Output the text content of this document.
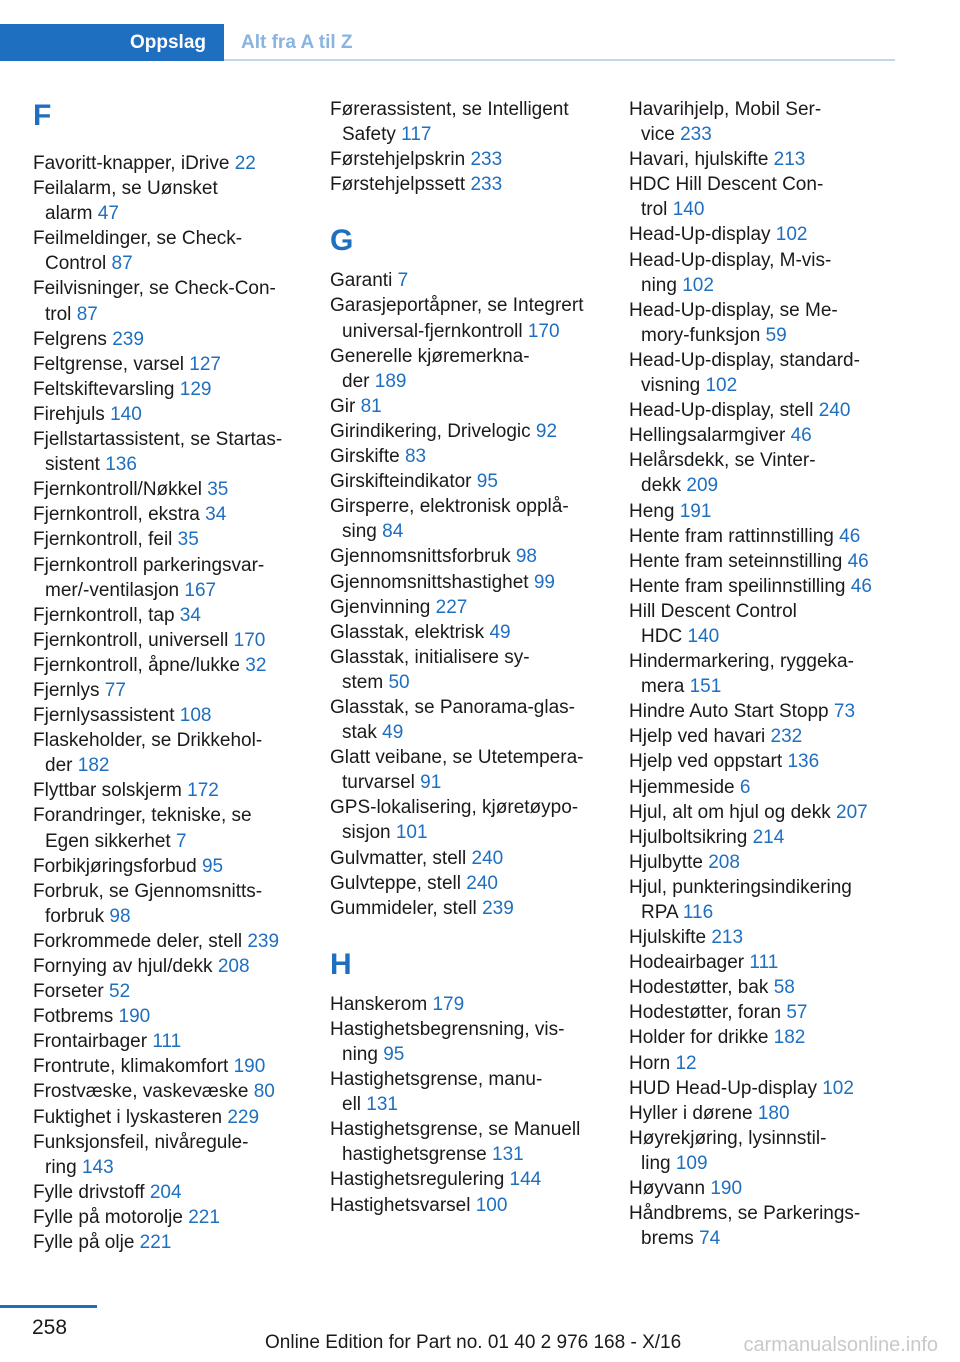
Oppslag	Alt fra A til Z
F
Favoritt-knapper, iDrive 22
Feilalarm, se Uønsket
alarm 47
Feilmeldinger, se Check-
Control 87
Feilvisninger, se Check-Con-
trol 87
Felgrens 239
Feltgrense, varsel 127
Feltskiftevarsling 129
Firehjuls 140
Fjellstartassistent, se Startas-
sistent 136
Fjernkontroll/Nøkkel 35
Fjernkontroll, ekstra 34
Fjernkontroll, feil 35
Fjernkontroll parkeringsvar-
mer/-ventilasjon 167
Fjernkontroll, tap 34
Fjernkontroll, universell 170
Fjernkontroll, åpne/lukke 32
Fjernlys 77
Fjernlysassistent 108
Flaskeholder, se Drikkehol-
der 182
Flyttbar solskjerm 172
Forandringer, tekniske, se
Egen sikkerhet 7
Forbikjøringsforbud 95
Forbruk, se Gjennomsnitts-
forbruk 98
Forkrommede deler, stell 239
Fornying av hjul/dekk 208
Forseter 52
Fotbrems 190
Frontairbager 111
Frontrute, klimakomfort 190
Frostvæske, vaskevæske 80
Fuktighet i lyskasteren 229
Funksjonsfeil, nivåregule-
ring 143
Fylle drivstoff 204
Fylle på motorolje 221
Fylle på olje 221
Førerassistent, se Intelligent
Safety 117
Førstehjelpskrin 233
Førstehjelpssett 233
G
Garanti 7
Garasjeportåpner, se Integrert
universal-fjernkontroll 170
Generelle kjøremerkna-
der 189
Gir 81
Girindikering, Drivelogic 92
Girskifte 83
Girskifteindikator 95
Girsperre, elektronisk opplå-
sing 84
Gjennomsnittsforbruk 98
Gjennomsnittshastighet 99
Gjenvinning 227
Glasstak, elektrisk 49
Glasstak, initialisere sy-
stem 50
Glasstak, se Panorama-glas-
stak 49
Glatt veibane, se Utetempera-
turvarsel 91
GPS-lokalisering, kjøretøypo-
sisjon 101
Gulvmatter, stell 240
Gulvteppe, stell 240
Gummideler, stell 239
H
Hanskerom 179
Hastighetsbegrensning, vis-
ning 95
Hastighetsgrense, manu-
ell 131
Hastighetsgrense, se Manuell
hastighetsgrense 131
Hastighetsregulering 144
Hastighetsvarsel 100
Havarihjelp, Mobil Ser-
vice 233
Havari, hjulskifte 213
HDC Hill Descent Con-
trol 140
Head-Up-display 102
Head-Up-display, M-vis-
ning 102
Head-Up-display, se Me-
mory-funksjon 59
Head-Up-display, standard-
visning 102
Head-Up-display, stell 240
Hellingsalarmgiver 46
Helårsdekk, se Vinter-
dekk 209
Heng 191
Hente fram rattinnstilling 46
Hente fram seteinnstilling 46
Hente fram speilinnstilling 46
Hill Descent Control
HDC 140
Hindermarkering, ryggeka-
mera 151
Hindre Auto Start Stopp 73
Hjelp ved havari 232
Hjelp ved oppstart 136
Hjemmeside 6
Hjul, alt om hjul og dekk 207
Hjulboltsikring 214
Hjulbytte 208
Hjul, punkteringsindikering
RPA 116
Hjulskifte 213
Hodeairbager 111
Hodestøtter, bak 58
Hodestøtter, foran 57
Holder for drikke 182
Horn 12
HUD Head-Up-display 102
Hyller i dørene 180
Høyrekjøring, lysinnstil-
ling 109
Høyvann 190
Håndbrems, se Parkerings-
brems 74
258
Online Edition for Part no. 01 40 2 976 168 - X/16	carmanualsonline.info
